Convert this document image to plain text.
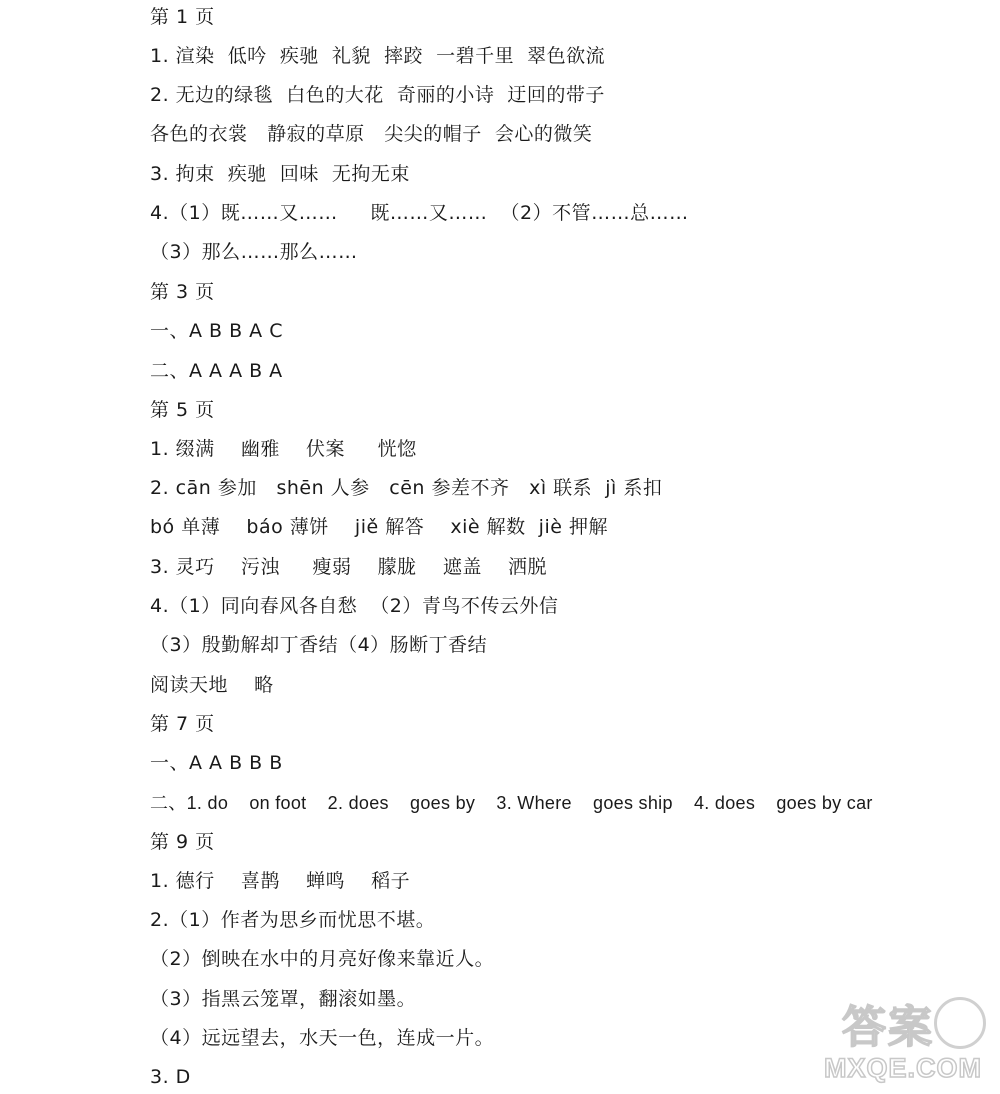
第 1 页
1. 渲染  低吟  疾驰  礼貌  摔跤  一碧千里  翠色欲流
2. 无边的绿毯  白色的大花  奇丽的小诗  迂回的带子
各色的衣裳   静寂的草原   尖尖的帽子  会心的微笑
3. 拘束  疾驰  回味  无拘无束
4.（1）既……又……     既……又……  （2）不管……总……
（3）那么……那么……
第 3 页
一、A B B A C
二、A A A B A
第 5 页
1. 缀满    幽雅    伏案     恍惚
2. cān 参加   shēn 人参   cēn 参差不齐   xì 联系  jì 系扣
bó 单薄    báo 薄饼    jiě 解答    xiè 解数  jiè 押解
3. 灵巧    污浊     瘦弱    朦胧    遮盖    洒脱
4.（1）同向春风各自愁  （2）青鸟不传云外信
（3）殷勤解却丁香结（4）肠断丁香结
阅读天地    略
第 7 页
一、A A B B B
二、1. do    on foot    2. does    goes by    3. Where    goes ship    4. does    goes by car
第 9 页
1. 德行    喜鹊    蝉鸣    稻子
2.（1）作者为思乡而忧思不堪。
（2）倒映在水中的月亮好像来靠近人。
（3）指黑云笼罩，翻滚如墨。
（4）远远望去，水天一色，连成一片。
3. D
答案
MXQE.COM
